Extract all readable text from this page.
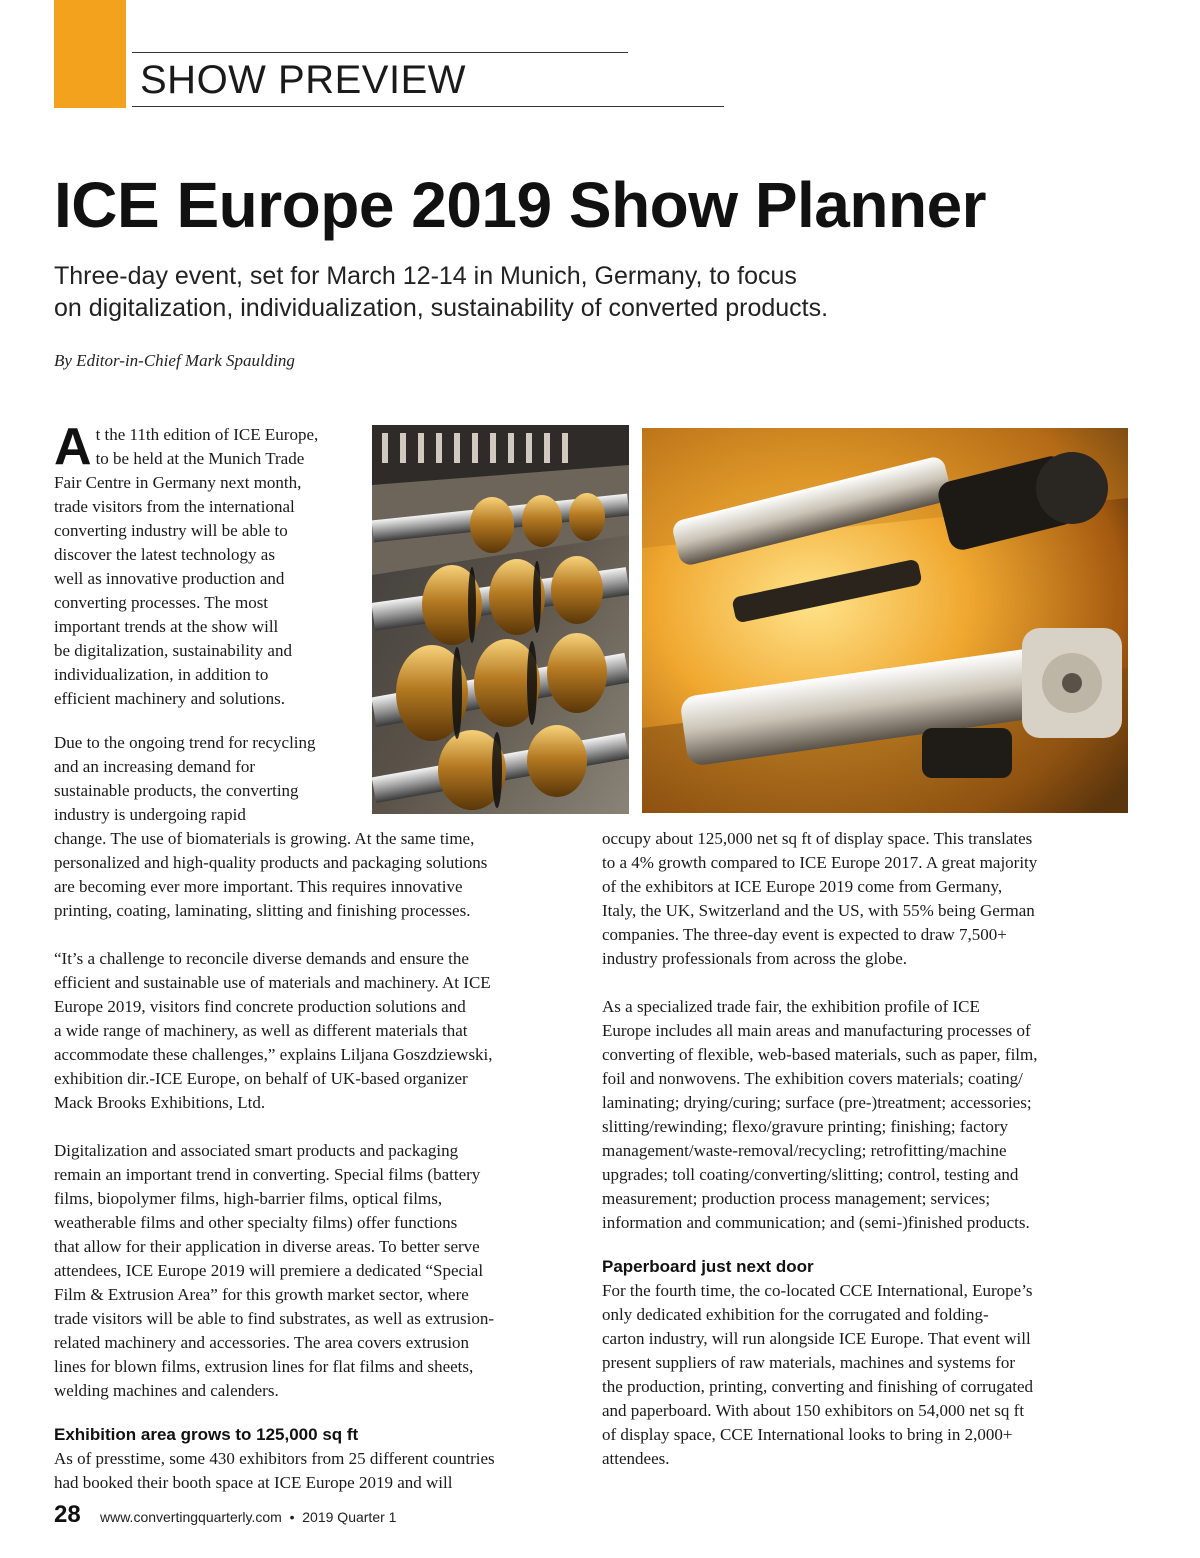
SHOW PREVIEW
ICE Europe 2019 Show Planner
Three-day event, set for March 12-14 in Munich, Germany, to focus
on digitalization, individualization, sustainability of converted products.
By Editor-in-Chief Mark Spaulding
A t the 11th edition of ICE Europe,
to be held at the Munich Trade
Fair Centre in Germany next month,
trade visitors from the international
converting industry will be able to
discover the latest technology as
well as innovative production and
converting processes. The most
important trends at the show will
be digitalization, sustainability and
individualization, in addition to
efficient machinery and solutions.
Due to the ongoing trend for recycling
and an increasing demand for
sustainable products, the converting
industry is undergoing rapid
change. The use of biomaterials is growing. At the same time,
personalized and high-quality products and packaging solutions
are becoming ever more important. This requires innovative
printing, coating, laminating, slitting and finishing processes.

“It’s a challenge to reconcile diverse demands and ensure the
efficient and sustainable use of materials and machinery. At ICE
Europe 2019, visitors find concrete production solutions and
a wide range of machinery, as well as different materials that
accommodate these challenges,” explains Liljana Goszdziewski,
exhibition dir.-ICE Europe, on behalf of UK-based organizer
Mack Brooks Exhibitions, Ltd.

Digitalization and associated smart products and packaging
remain an important trend in converting. Special films (battery
films, biopolymer films, high-barrier films, optical films,
weatherable films and other specialty films) offer functions
that allow for their application in diverse areas. To better serve
attendees, ICE Europe 2019 will premiere a dedicated “Special
Film & Extrusion Area” for this growth market sector, where
trade visitors will be able to find substrates, as well as extrusion-
related machinery and accessories. The area covers extrusion
lines for blown films, extrusion lines for flat films and sheets,
welding machines and calenders.
Exhibition area grows to 125,000 sq ft
As of presstime, some 430 exhibitors from 25 different countries
had booked their booth space at ICE Europe 2019 and will
occupy about 125,000 net sq ft of display space. This translates
to a 4% growth compared to ICE Europe 2017. A great majority
of the exhibitors at ICE Europe 2019 come from Germany,
Italy, the UK, Switzerland and the US, with 55% being German
companies. The three-day event is expected to draw 7,500+
industry professionals from across the globe.

As a specialized trade fair, the exhibition profile of ICE
Europe includes all main areas and manufacturing processes of
converting of flexible, web-based materials, such as paper, film,
foil and nonwovens. The exhibition covers materials; coating/
laminating; drying/curing; surface (pre-)treatment; accessories;
slitting/rewinding; flexo/gravure printing; finishing; factory
management/waste-removal/recycling; retrofitting/machine
upgrades; toll coating/converting/slitting; control, testing and
measurement; production process management; services;
information and communication; and (semi-)finished products.
Paperboard just next door
For the fourth time, the co-located CCE International, Europe’s
only dedicated exhibition for the corrugated and folding-
carton industry, will run alongside ICE Europe. That event will
present suppliers of raw materials, machines and systems for
the production, printing, converting and finishing of corrugated
and paperboard. With about 150 exhibitors on 54,000 net sq ft
of display space, CCE International looks to bring in 2,000+
attendees.
28 www.convertingquarterly.com  •  2019 Quarter 1
